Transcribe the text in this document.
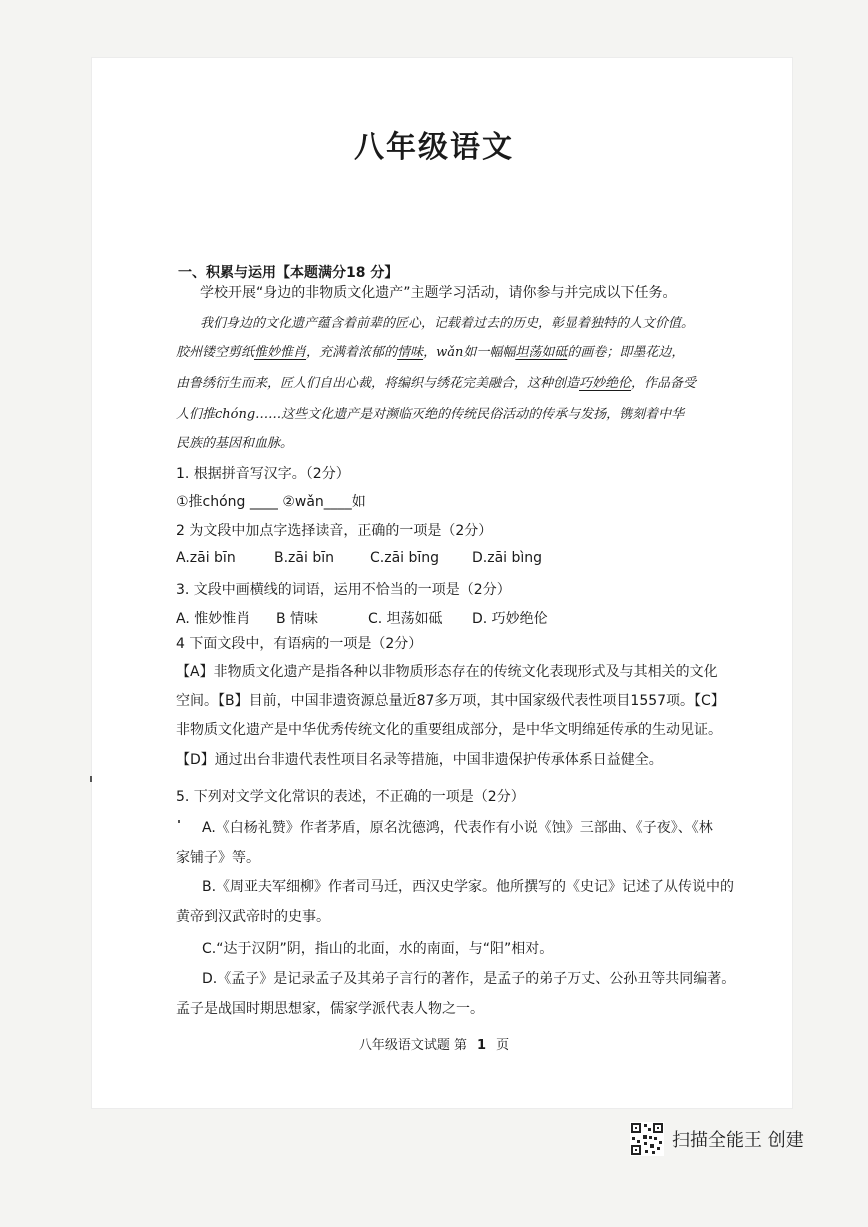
八年级语文
一、积累与运用【本题满分18 分】
学校开展“身边的非物质文化遗产”主题学习活动，请你参与并完成以下任务。
我们身边的文化遗产蕴含着前辈的匠心，记载着过去的历史，彰显着独特的人文价值。
胶州镂空剪纸惟妙惟肖，充满着浓郁的情味，wǎn如一幅幅坦荡如砥的画卷；即墨花边，
由鲁绣衍生而来，匠人们自出心裁，将编织与绣花完美融合，这种创造巧妙绝伦，作品备受
人们推chóng……这些文化遗产是对濒临灭绝的传统民俗活动的传承与发扬，镌刻着中华
民族的基因和血脉。
1. 根据拼音写汉字。（2分）
①推chóng ____ ②wǎn____如
2 为文段中加点字选择读音，正确的一项是（2分）
A.zāi bīn	B.zāi bīn	C.zāi bīng D.zāi bìng
3. 文段中画横线的词语，运用不恰当的一项是（2分）
A. 惟妙惟肖 B 情味	C. 坦荡如砥 D. 巧妙绝伦
4 下面文段中，有语病的一项是（2分）
【A】非物质文化遗产是指各种以非物质形态存在的传统文化表现形式及与其相关的文化
空间。【B】目前，中国非遗资源总量近87多万项，其中国家级代表性项目1557项。【C】
非物质文化遗产是中华优秀传统文化的重要组成部分，是中华文明绵延传承的生动见证。
【D】通过出台非遗代表性项目名录等措施，中国非遗保护传承体系日益健全。
5. 下列对文学文化常识的表述，不正确的一项是（2分）
A.《白杨礼赞》作者茅盾，原名沈德鸿，代表作有小说《蚀》三部曲、《子夜》、《林
家铺子》等。
B.《周亚夫军细柳》作者司马迁，西汉史学家。他所撰写的《史记》记述了从传说中的
黄帝到汉武帝时的史事。
C.“达于汉阴”阴，指山的北面，水的南面，与“阳”相对。
D.《孟子》是记录孟子及其弟子言行的著作，是孟子的弟子万丈、公孙丑等共同编著。
孟子是战国时期思想家，儒家学派代表人物之一。
八年级语文试题 第 1 页
扫描全能王 创建
